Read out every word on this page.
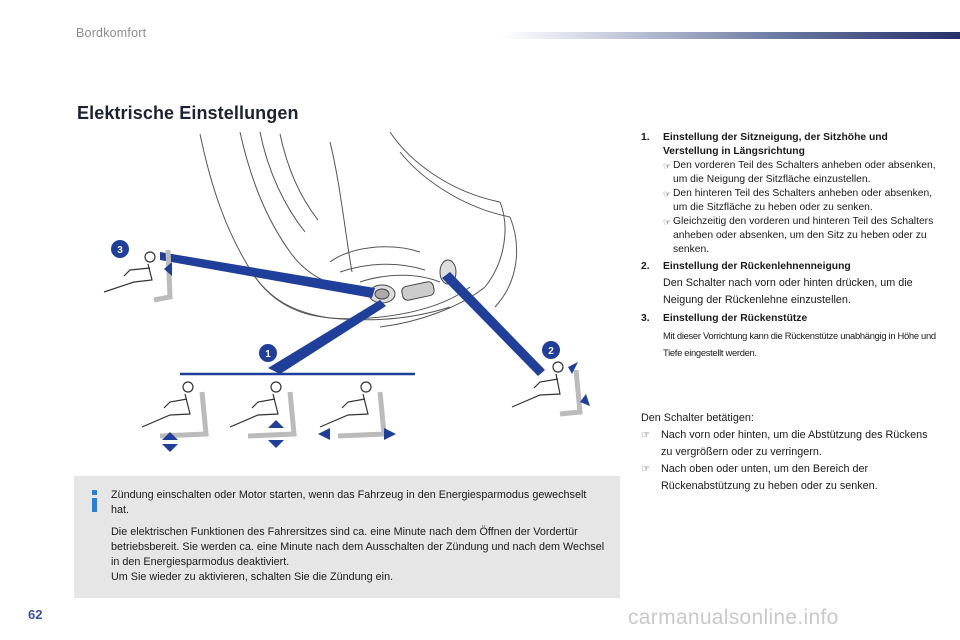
Bordkomfort
Elektrische Einstellungen
3
1	2
1.	Einstellung der Sitzneigung, der Sitzhöhe und Verstellung in Längsrichtung
☞ Den vorderen Teil des Schalters anheben oder absenken, um die Neigung der Sitzfläche einzustellen.
☞ Den hinteren Teil des Schalters anheben oder absenken, um die Sitzfläche zu heben oder zu senken.
☞ Gleichzeitig den vorderen und hinteren Teil des Schalters anheben oder absenken, um den Sitz zu heben oder zu senken.
2.	Einstellung der Rückenlehnenneigung
Den Schalter nach vorn oder hinten drücken, um die Neigung der Rückenlehne einzustellen.
3.	Einstellung der Rückenstütze
Mit dieser Vorrichtung kann die Rückenstütze unabhängig in Höhe und Tiefe eingestellt werden.
Den Schalter betätigen:
☞	Nach vorn oder hinten, um die Abstützung des Rückens zu vergrößern oder zu verringern.
☞	Nach oben oder unten, um den Bereich der Rückenabstützung zu heben oder zu senken.

Zündung einschalten oder Motor starten, wenn das Fahrzeug in den Energiesparmodus gewechselt hat.

Die elektrischen Funktionen des Fahrersitzes sind ca. eine Minute nach dem Öffnen der Vordertür betriebsbereit. Sie werden ca. eine Minute nach dem Ausschalten der Zündung und nach dem Wechsel in den Energiesparmodus deaktiviert.
Um Sie wieder zu aktivieren, schalten Sie die Zündung ein.

62	carmanualsonline.info
